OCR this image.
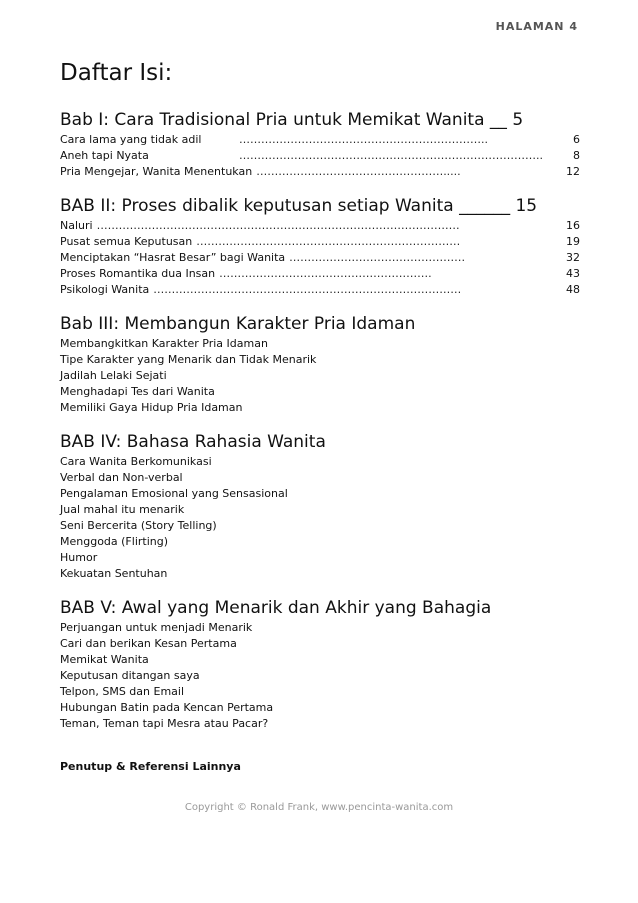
HALAMAN 4
Daftar Isi:
Bab I: Cara Tradisional Pria untuk Memikat Wanita __ 5
Cara lama yang tidak adil	…………………………………………………………..	6
Aneh tapi Nyata	………………………………………………………………………..	8
Pria Mengejar, Wanita Menentukan …………………………………………….....	12
BAB II: Proses dibalik keputusan setiap Wanita ______ 15
Naluri ………………………………………………………………………………………	16
Pusat semua Keputusan ………………………………………………………………	19
Menciptakan “Hasrat Besar” bagi Wanita …………………………………………	32
Proses Romantika dua Insan ………………………………………………….	43
Psikologi Wanita …………………………………………………………………………	48
Bab III: Membangun Karakter Pria Idaman
Membangkitkan Karakter Pria Idaman
Tipe Karakter yang Menarik dan Tidak Menarik
Jadilah Lelaki Sejati
Menghadapi Tes dari Wanita
Memiliki Gaya Hidup Pria Idaman
BAB IV: Bahasa Rahasia Wanita
Cara Wanita Berkomunikasi
Verbal dan Non-verbal
Pengalaman Emosional yang Sensasional
Jual mahal itu menarik
Seni Bercerita (Story Telling)
Menggoda (Flirting)
Humor
Kekuatan Sentuhan
BAB V: Awal yang Menarik dan Akhir yang Bahagia
Perjuangan untuk menjadi Menarik
Cari dan berikan Kesan Pertama
Memikat Wanita
Keputusan ditangan saya
Telpon, SMS dan Email
Hubungan Batin pada Kencan Pertama
Teman, Teman tapi Mesra atau Pacar?

Penutup & Referensi Lainnya

Copyright © Ronald Frank, www.pencinta-wanita.com
